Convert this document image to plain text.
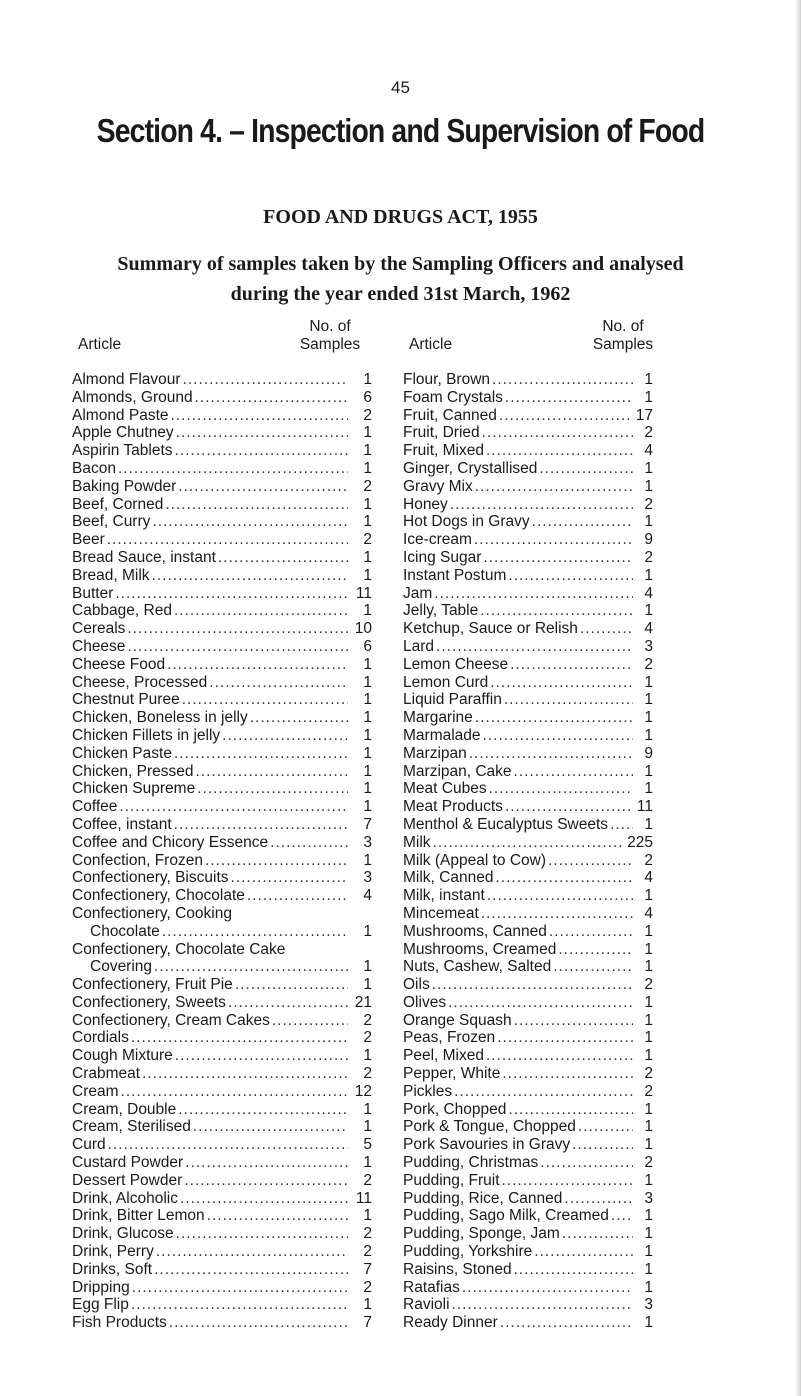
45
Section 4. – Inspection and Supervision of Food
FOOD AND DRUGS ACT, 1955
Summary of samples taken by the Sampling Officers and analysed
during the year ended 31st March, 1962
Article
No. of
Samples
Almond Flavour .....	1
Almonds, Ground .....	6
Almond Paste .....	2
Apple Chutney .....	1
Aspirin Tablets .....	1
Bacon .....	1
Baking Powder .....	2
Beef, Corned .....	1
Beef, Curry .....	1
Beer .....	2
Bread Sauce, instant .....	1
Bread, Milk .....	1
Butter .....	11
Cabbage, Red .....	1
Cereals .....	10
Cheese .....	6
Cheese Food .....	1
Cheese, Processed .....	1
Chestnut Puree .....	1
Chicken, Boneless in jelly .....	1
Chicken Fillets in jelly .....	1
Chicken Paste .....	1
Chicken, Pressed .....	1
Chicken Supreme .....	1
Coffee .....	1
Coffee, instant .....	7
Coffee and Chicory Essence .....	3
Confection, Frozen .....	1
Confectionery, Biscuits .....	3
Confectionery, Chocolate .....	4
Confectionery, Cooking
Chocolate .....	1
Confectionery, Chocolate Cake
Covering .....	1
Confectionery, Fruit Pie .....	1
Confectionery, Sweets .....	21
Confectionery, Cream Cakes .....	2
Cordials .....	2
Cough Mixture .....	1
Crabmeat .....	2
Cream .....	12
Cream, Double .....	1
Cream, Sterilised .....	1
Curd .....	5
Custard Powder .....	1
Dessert Powder .....	2
Drink, Alcoholic .....	11
Drink, Bitter Lemon .....	1
Drink, Glucose .....	2
Drink, Perry .....	2
Drinks, Soft .....	7
Dripping .....	2
Egg Flip .....	1
Fish Products .....	7
Article
No. of
Samples
Flour, Brown .....	1
Foam Crystals .....	1
Fruit, Canned .....	17
Fruit, Dried .....	2
Fruit, Mixed .....	4
Ginger, Crystallised .....	1
Gravy Mix .....	1
Honey .....	2
Hot Dogs in Gravy .....	1
Ice-cream .....	9
Icing Sugar .....	2
Instant Postum .....	1
Jam .....	4
Jelly, Table .....	1
Ketchup, Sauce or Relish .....	4
Lard .....	3
Lemon Cheese .....	2
Lemon Curd .....	1
Liquid Paraffin .....	1
Margarine .....	1
Marmalade .....	1
Marzipan .....	9
Marzipan, Cake .....	1
Meat Cubes .....	1
Meat Products .....	11
Menthol & Eucalyptus Sweets .....	1
Milk .....	225
Milk (Appeal to Cow) .....	2
Milk, Canned .....	4
Milk, instant .....	1
Mincemeat .....	4
Mushrooms, Canned .....	1
Mushrooms, Creamed .....	1
Nuts, Cashew, Salted .....	1
Oils .....	2
Olives .....	1
Orange Squash .....	1
Peas, Frozen .....	1
Peel, Mixed .....	1
Pepper, White .....	2
Pickles .....	2
Pork, Chopped .....	1
Pork & Tongue, Chopped .....	1
Pork Savouries in Gravy .....	1
Pudding, Christmas .....	2
Pudding, Fruit .....	1
Pudding, Rice, Canned .....	3
Pudding, Sago Milk, Creamed .....	1
Pudding, Sponge, Jam .....	1
Pudding, Yorkshire .....	1
Raisins, Stoned .....	1
Ratafias .....	1
Ravioli .....	3
Ready Dinner .....	1
